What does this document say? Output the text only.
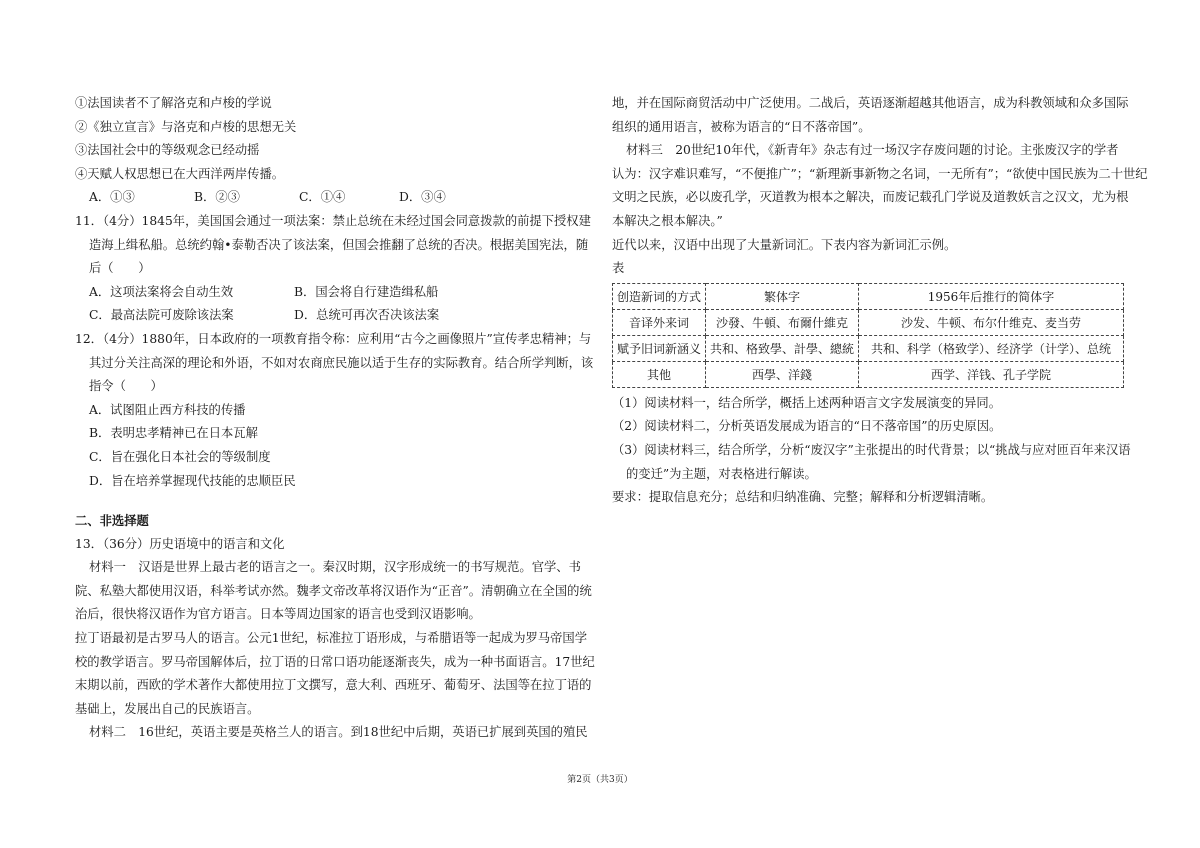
①法国读者不了解洛克和卢梭的学说
②《独立宣言》与洛克和卢梭的思想无关
③法国社会中的等级观念已经动摇
④天赋人权思想已在大西洋两岸传播。
A．①③	B．②③	C．①④	D．③④
11．（4分）1845年，美国国会通过一项法案：禁止总统在未经过国会同意拨款的前提下授权建
造海上缉私船。总统约翰•泰勒否决了该法案，但国会推翻了总统的否决。根据美国宪法，随
后（　　）
A．这项法案将会自动生效	B．国会将自行建造缉私船
C．最高法院可废除该法案	D．总统可再次否决该法案
12．（4分）1880年，日本政府的一项教育指令称：应利用“古今之画像照片”宣传孝忠精神；与
其过分关注高深的理论和外语，不如对农商庶民施以适于生存的实际教育。结合所学判断，该
指令（　　）
A．试图阻止西方科技的传播
B．表明忠孝精神已在日本瓦解
C．旨在强化日本社会的等级制度
D．旨在培养掌握现代技能的忠顺臣民
二、非选择题
13．（36分）历史语境中的语言和文化
材料一　汉语是世界上最古老的语言之一。秦汉时期，汉字形成统一的书写规范。官学、书
院、私塾大都使用汉语，科举考试亦然。魏孝文帝改革将汉语作为“正音”。清朝确立在全国的统
治后，很快将汉语作为官方语言。日本等周边国家的语言也受到汉语影响。
拉丁语最初是古罗马人的语言。公元1世纪，标准拉丁语形成，与希腊语等一起成为罗马帝国学
校的教学语言。罗马帝国解体后，拉丁语的日常口语功能逐渐丧失，成为一种书面语言。17世纪
末期以前，西欧的学术著作大都使用拉丁文撰写，意大利、西班牙、葡萄牙、法国等在拉丁语的
基础上，发展出自己的民族语言。
材料二　16世纪，英语主要是英格兰人的语言。到18世纪中后期，英语已扩展到英国的殖民
地，并在国际商贸活动中广泛使用。二战后，英语逐渐超越其他语言，成为科教领域和众多国际
组织的通用语言，被称为语言的“日不落帝国”。
材料三　20世纪10年代，《新青年》杂志有过一场汉字存废问题的讨论。主张废汉字的学者
认为：汉字难识难写，“不便推广”；“新理新事新物之名词，一无所有”；“欲使中国民族为二十世纪
文明之民族，必以废孔学，灭道教为根本之解决，而废记载孔门学说及道教妖言之汉文，尤为根
本解决之根本解决。”
近代以来，汉语中出现了大量新词汇。下表内容为新词汇示例。
表
创造新词的方式	繁体字	1956年后推行的简体字
音译外来词	沙發、牛頓、布爾什維克	沙发、牛顿、布尔什维克、麦当劳
赋予旧词新涵义	共和、格致學、計學、總統	共和、科学（格致学）、经济学（计学）、总统
其他	西學、洋錢	西学、洋钱、孔子学院
（1）阅读材料一，结合所学，概括上述两种语言文字发展演变的异同。
（2）阅读材料二，分析英语发展成为语言的“日不落帝国”的历史原因。
（3）阅读材料三，结合所学，分析“废汉字”主张提出的时代背景；以“挑战与应对匝百年来汉语
的变迁”为主题，对表格进行解读。
要求：提取信息充分；总结和归纳准确、完整；解释和分析逻辑清晰。
第2页（共3页）
